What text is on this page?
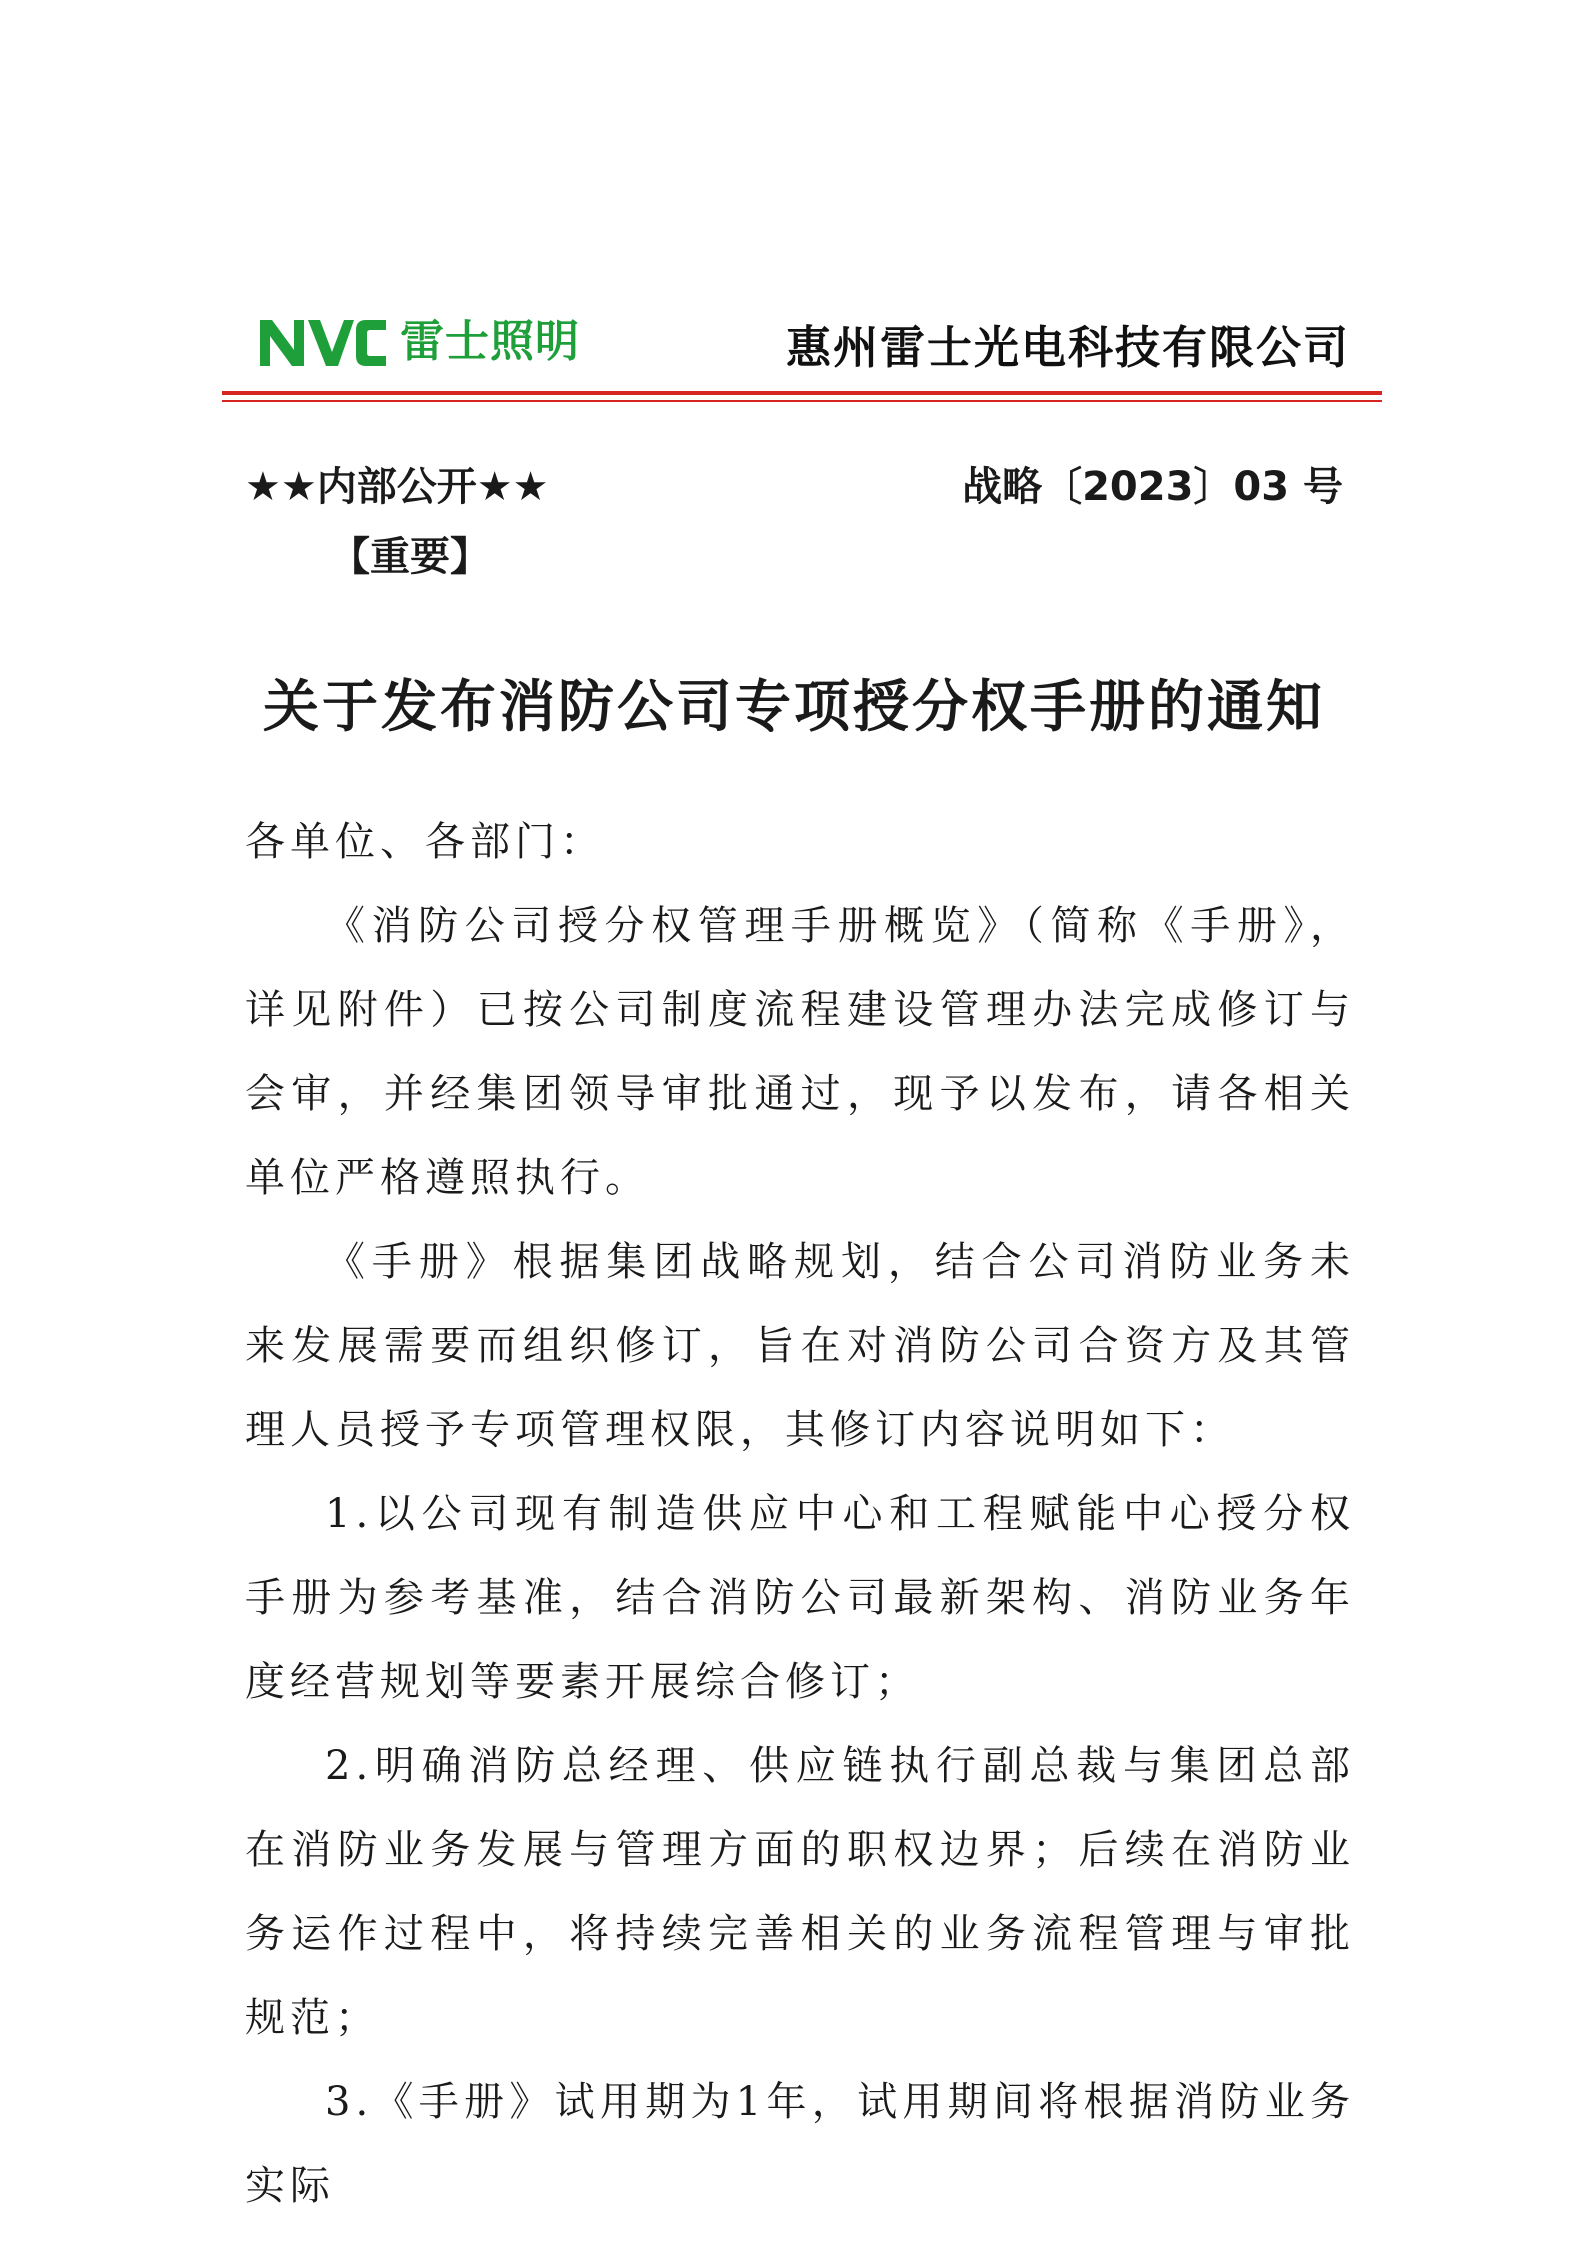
雷士照明	惠州雷士光电科技有限公司
★★内部公开★★	战略〔2023〕03 号
【重要】
关于发布消防公司专项授分权手册的通知

各单位、各部门：

《消防公司授分权管理手册概览》（简称《手册》，详见附件）已按公司制度流程建设管理办法完成修订与会审，并经集团领导审批通过，现予以发布，请各相关单位严格遵照执行。

《手册》根据集团战略规划，结合公司消防业务未来发展需要而组织修订，旨在对消防公司合资方及其管理人员授予专项管理权限，其修订内容说明如下：

1.以公司现有制造供应中心和工程赋能中心授分权手册为参考基准，结合消防公司最新架构、消防业务年度经营规划等要素开展综合修订；

2.明确消防总经理、供应链执行副总裁与集团总部在消防业务发展与管理方面的职权边界；后续在消防业务运作过程中，将持续完善相关的业务流程管理与审批规范；

3.《手册》试用期为1年，试用期间将根据消防业务实际
